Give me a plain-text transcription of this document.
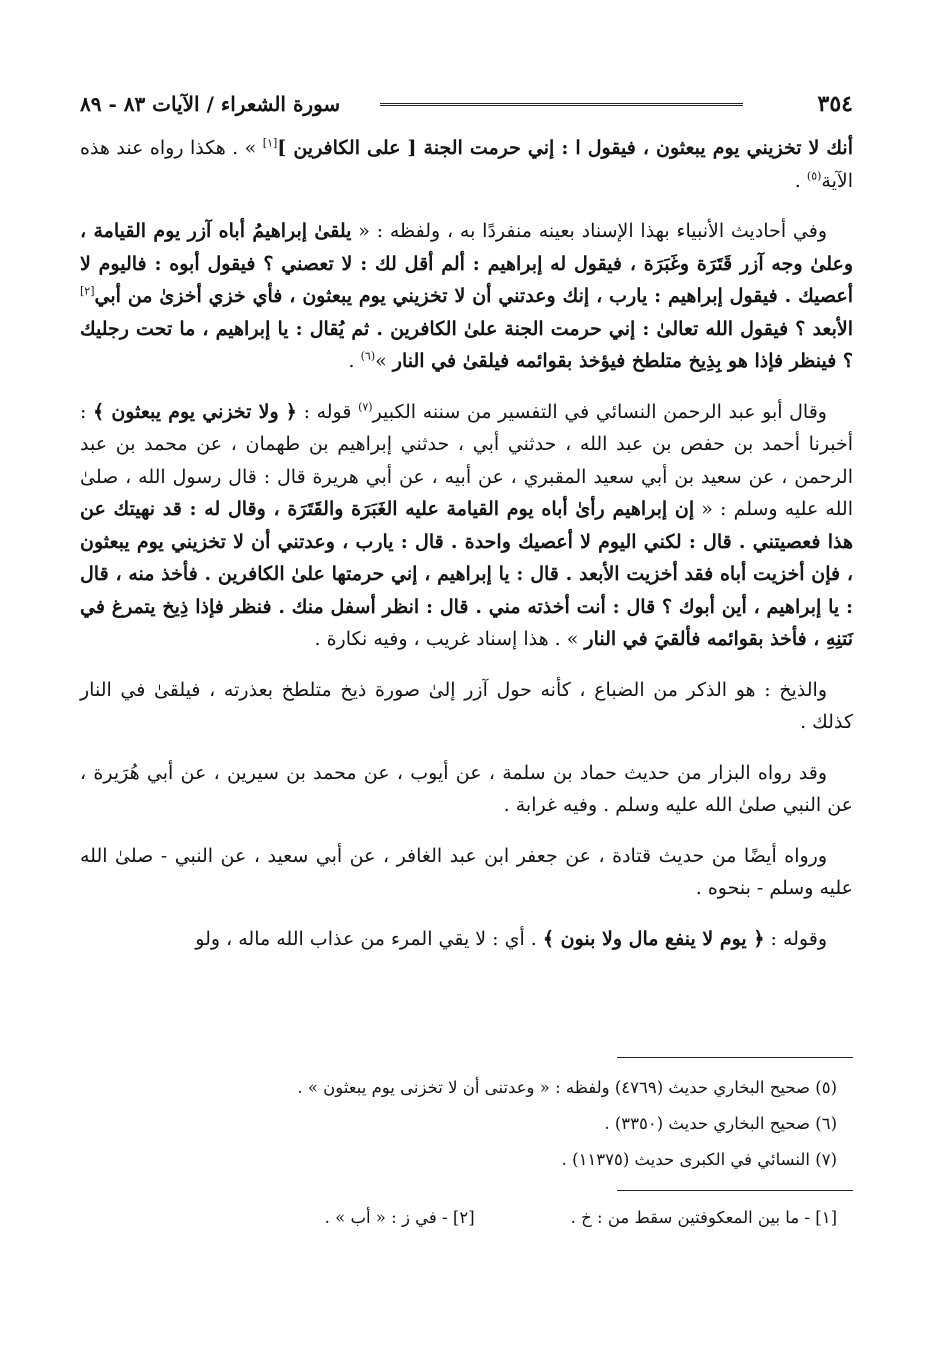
٣٥٤
سورة الشعراء / الآيات ٨٣ - ٨٩

أنك لا تخزيني يوم يبعثون ، فيقول ا : إني حرمت الجنة [ على الكافرين ][١] » . هكذا رواه عند هذه الآية$^{(٥)}$ .

وفي أحاديث الأنبياء بهذا الإسناد بعينه منفردًا به ، ولفظه : « يلقىٰ إبراهيمُ أباه آزر يوم القيامة ، وعلىٰ وجه آزر قَتَرَة وغَبَرَة ، فيقول له إبراهيم : ألم أقل لك : لا تعصني ؟ فيقول أبوه : فاليوم لا أعصيك . فيقول إبراهيم : يارب ، إنك وعدتني أن لا تخزيني يوم يبعثون ، فأي خزي أخزىٰ من أبي[٢] الأبعد ؟ فيقول الله تعالىٰ : إني حرمت الجنة علىٰ الكافرين . ثم يُقال : يا إبراهيم ، ما تحت رجليك ؟ فينظر فإذا هو بِذِيخ متلطخ فيؤخذ بقوائمه فيلقىٰ في النار »$^{(٦)}$ .

وقال أبو عبد الرحمن النسائي في التفسير من سننه الكبير$^{(٧)}$ قوله : ﴿ ولا تخزني يوم يبعثون ﴾ : أخبرنا أحمد بن حفص بن عبد الله ، حدثني أبي ، حدثني إبراهيم بن طهمان ، عن محمد بن عبد الرحمن ، عن سعيد بن أبي سعيد المقبري ، عن أبيه ، عن أبي هريرة قال : قال رسول الله ، صلىٰ الله عليه وسلم : « إن إبراهيم رأىٰ أباه يوم القيامة عليه الغَبَرَة والقَتَرَة ، وقال له : قد نهيتك عن هذا فعصيتني . قال : لكني اليوم لا أعصيك واحدة . قال : يارب ، وعدتني أن لا تخزيني يوم يبعثون ، فإن أخزيت أباه فقد أخزيت الأبعد . قال : يا إبراهيم ، إني حرمتها علىٰ الكافرين . فأخذ منه ، قال : يا إبراهيم ، أين أبوك ؟ قال : أنت أخذته مني . قال : انظر أسفل منك . فنظر فإذا ذِيخ يتمرغ في نَتنِهِ ، فأخذ بقوائمه فألقيَ في النار » . هذا إسناد غريب ، وفيه نكارة .

والذيخ : هو الذكر من الضباع ، كأنه حول آزر إلىٰ صورة ذيخ متلطخ بعذرته ، فيلقىٰ في النار كذلك .

وقد رواه البزار من حديث حماد بن سلمة ، عن أيوب ، عن محمد بن سيرين ، عن أبي هُرَيرة ، عن النبي صلىٰ الله عليه وسلم . وفيه غرابة .

ورواه أيضًا من حديث قتادة ، عن جعفر ابن عبد الغافر ، عن أبي سعيد ، عن النبي - صلىٰ الله عليه وسلم - بنحوه .

وقوله : ﴿ يوم لا ينفع مال ولا بنون ﴾ . أي : لا يقي المرء من عذاب الله ماله ، ولو

(٥) صحيح البخاري حديث (٤٧٦٩) ولفظه : « وعدتنى أن لا تخزنى يوم يبعثون » .
(٦) صحيح البخاري حديث (٣٣٥٠) .
(٧) النسائي في الكبرى حديث (١١٣٧٥) .
[١] - ما بين المعكوفتين سقط من : خ .
[٢] - في ز : « أب » .
